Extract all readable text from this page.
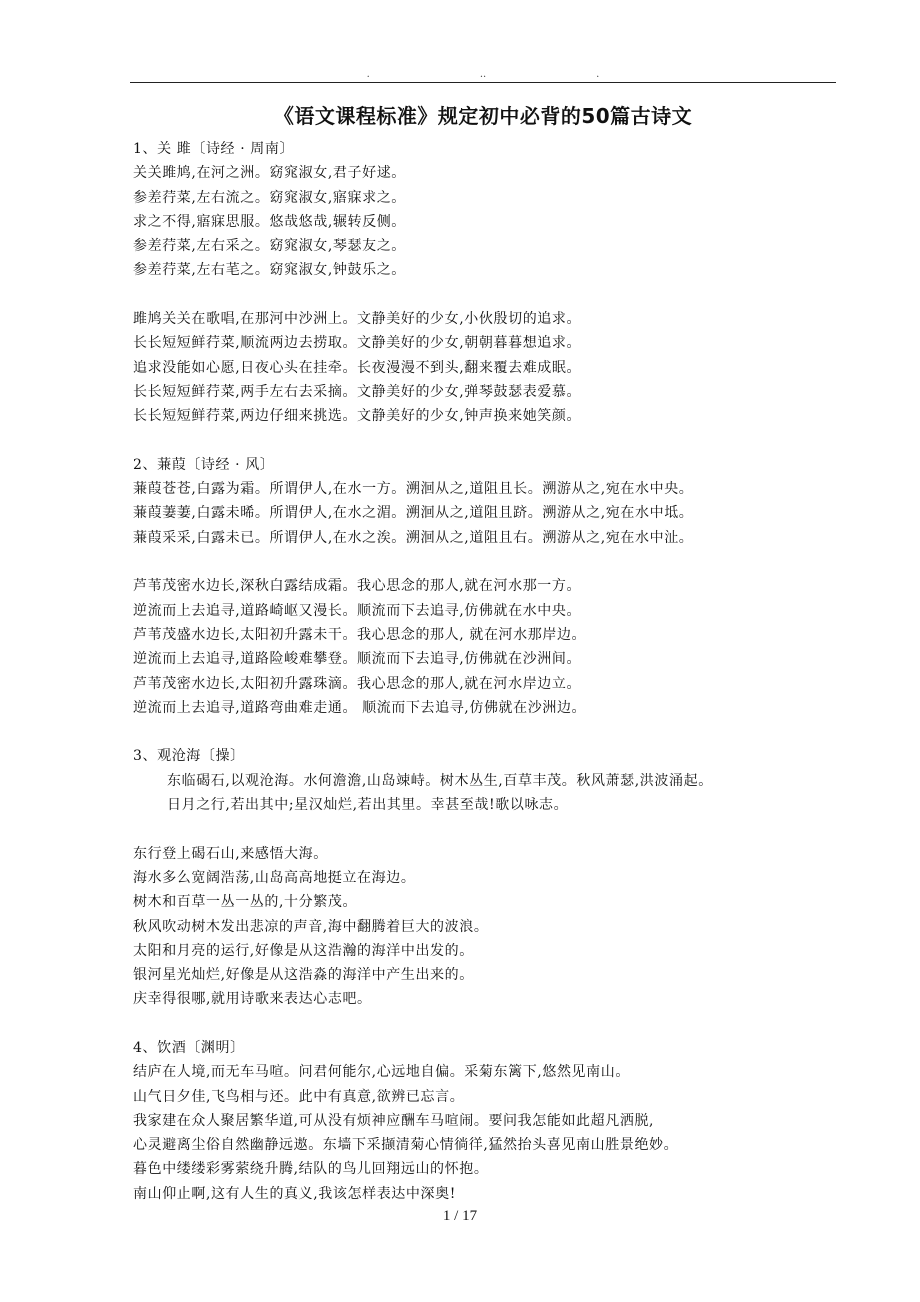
.	..	.
《语文课程标准》规定初中必背的50篇古诗文
1、关 雎〔诗经 · 周南〕
关关雎鸠,在河之洲。窈窕淑女,君子好逑。
参差荇菜,左右流之。窈窕淑女,寤寐求之。
求之不得,寤寐思服。悠哉悠哉,辗转反侧。
参差荇菜,左右采之。窈窕淑女,琴瑟友之。
参差荇菜,左右芼之。窈窕淑女,钟鼓乐之。
雎鸠关关在歌唱,在那河中沙洲上。文静美好的少女,小伙殷切的追求。
长长短短鲜荇菜,顺流两边去捞取。文静美好的少女,朝朝暮暮想追求。
追求没能如心愿,日夜心头在挂牵。长夜漫漫不到头,翻来覆去难成眠。
长长短短鲜荇菜,两手左右去采摘。文静美好的少女,弹琴鼓瑟表爱慕。
长长短短鲜荇菜,两边仔细来挑选。文静美好的少女,钟声换来她笑颜。
2、蒹葭〔诗经 · 风〕
蒹葭苍苍,白露为霜。所谓伊人,在水一方。溯洄从之,道阻且长。溯游从之,宛在水中央。
蒹葭萋萋,白露未晞。所谓伊人,在水之湄。溯洄从之,道阻且跻。溯游从之,宛在水中坻。
蒹葭采采,白露未已。所谓伊人,在水之涘。溯洄从之,道阻且右。溯游从之,宛在水中沚。
芦苇茂密水边长,深秋白露结成霜。我心思念的那人,就在河水那一方。
逆流而上去追寻,道路崎岖又漫长。顺流而下去追寻,仿佛就在水中央。
芦苇茂盛水边长,太阳初升露未干。我心思念的那人, 就在河水那岸边。
逆流而上去追寻,道路险峻难攀登。顺流而下去追寻,仿佛就在沙洲间。
芦苇茂密水边长,太阳初升露珠滴。我心思念的那人,就在河水岸边立。
逆流而上去追寻,道路弯曲难走通。 顺流而下去追寻,仿佛就在沙洲边。
3、观沧海〔操〕
东临碣石,以观沧海。水何澹澹,山岛竦峙。树木丛生,百草丰茂。秋风萧瑟,洪波涌起。
日月之行,若出其中;星汉灿烂,若出其里。幸甚至哉!歌以咏志。
东行登上碣石山,来感悟大海。
海水多么宽阔浩荡,山岛高高地挺立在海边。
树木和百草一丛一丛的,十分繁茂。
秋风吹动树木发出悲凉的声音,海中翻腾着巨大的波浪。
太阳和月亮的运行,好像是从这浩瀚的海洋中出发的。
银河星光灿烂,好像是从这浩淼的海洋中产生出来的。
庆幸得很哪,就用诗歌来表达心志吧。
4、饮酒〔渊明〕
结庐在人境,而无车马喧。问君何能尔,心远地自偏。采菊东篱下,悠然见南山。
山气日夕佳,飞鸟相与还。此中有真意,欲辨已忘言。
我家建在众人聚居繁华道,可从没有烦神应酬车马喧闹。要问我怎能如此超凡洒脱,
心灵避离尘俗自然幽静远遨。东墙下采撷清菊心情徜徉,猛然抬头喜见南山胜景绝妙。
暮色中缕缕彩雾萦绕升腾,结队的鸟儿回翔远山的怀抱。
南山仰止啊,这有人生的真义,我该怎样表达中深奥!
1 / 17
